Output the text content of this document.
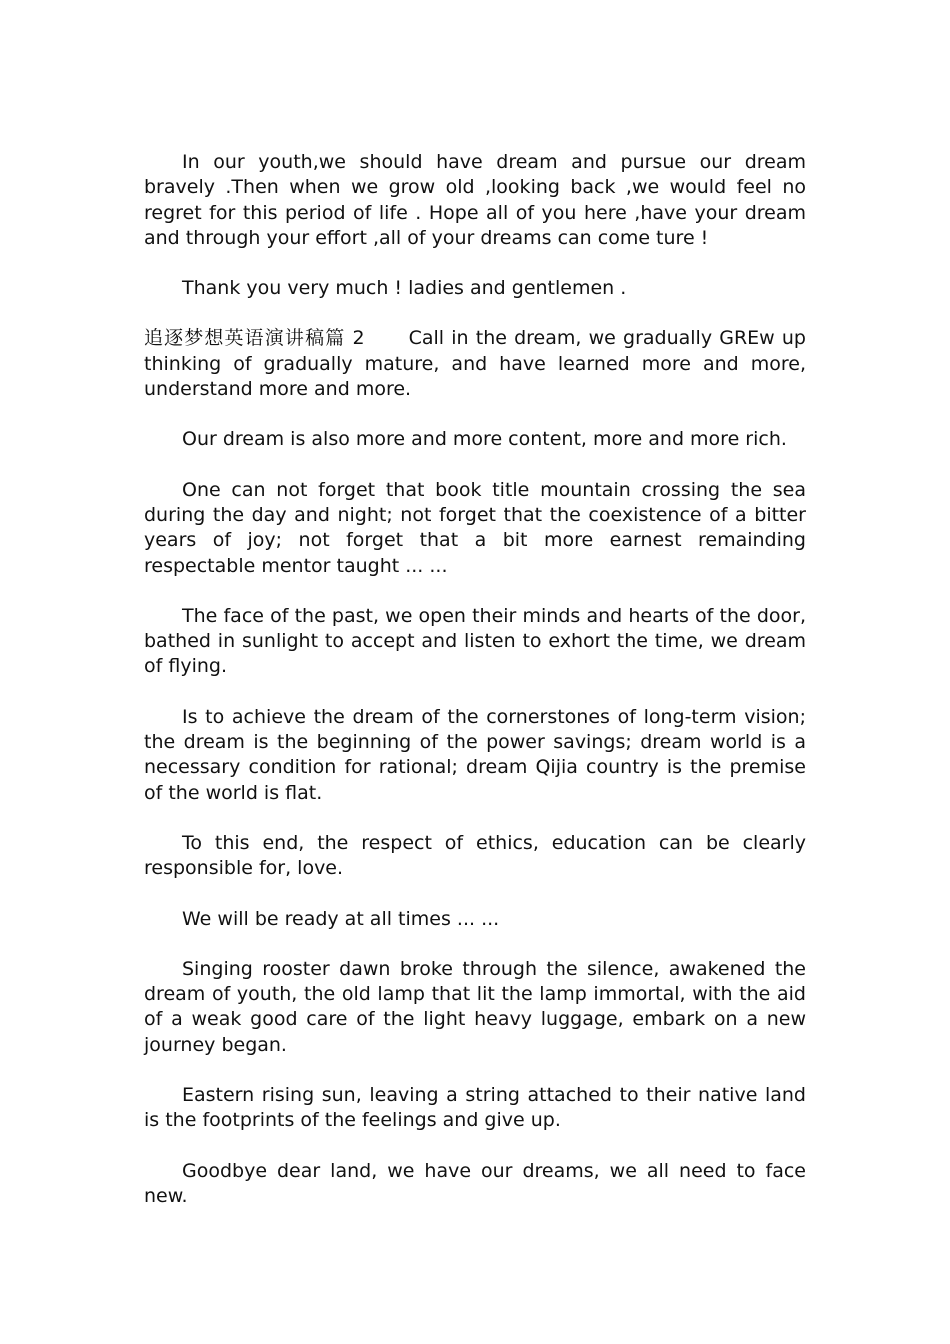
In our youth,we should have dream and pursue our dream bravely .Then when we grow old ,looking back ,we would feel no regret for this period of life . Hope all of you here ,have your dream and through your effort ,all of your dreams can come ture !

Thank you very much ! ladies and gentlemen .

追逐梦想英语演讲稿篇 2 Call in the dream, we gradually GREw up thinking of gradually mature, and have learned more and more, understand more and more.

Our dream is also more and more content, more and more rich.

One can not forget that book title mountain crossing the sea during the day and night; not forget that the coexistence of a bitter years of joy; not forget that a bit more earnest remainding respectable mentor taught ... ...

The face of the past, we open their minds and hearts of the door, bathed in sunlight to accept and listen to exhort the time, we dream of flying.

Is to achieve the dream of the cornerstones of long-term vision; the dream is the beginning of the power savings; dream world is a necessary condition for rational; dream Qijia country is the premise of the world is flat.

To this end, the respect of ethics, education can be clearly responsible for, love.

We will be ready at all times ... ...

Singing rooster dawn broke through the silence, awakened the dream of youth, the old lamp that lit the lamp immortal, with the aid of a weak good care of the light heavy luggage, embark on a new journey began.

Eastern rising sun, leaving a string attached to their native land is the footprints of the feelings and give up.

Goodbye dear land, we have our dreams, we all need to face new.
